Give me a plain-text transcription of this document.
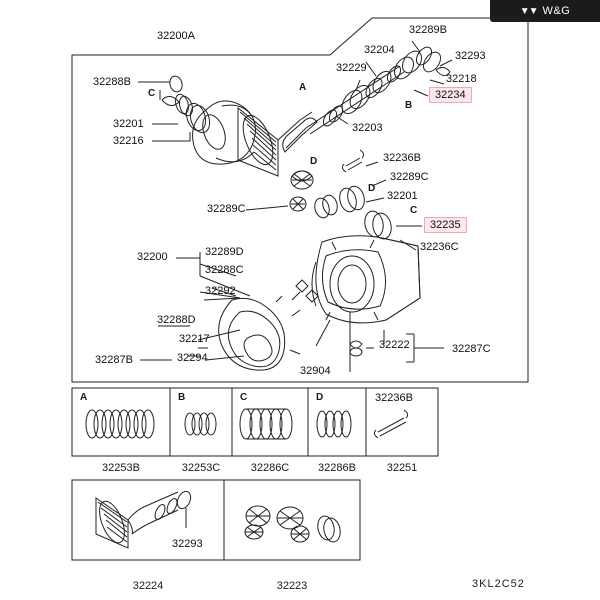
▼▼ W&G
32200A
32288B
32201
32216
32229
32204
32289B
32293
32218
32203
32236B
32289C
32201
32289C
32236C
32200	32289D
32288C
32292
32288D
32217
32294
32287B
32904
32222	32287C
32236B
32234
32235
C
A
B
D
D
C
A	B	C	D
32253B	32253C	32286C	32286B	32251
32224	32223
32293
3KL2C52
